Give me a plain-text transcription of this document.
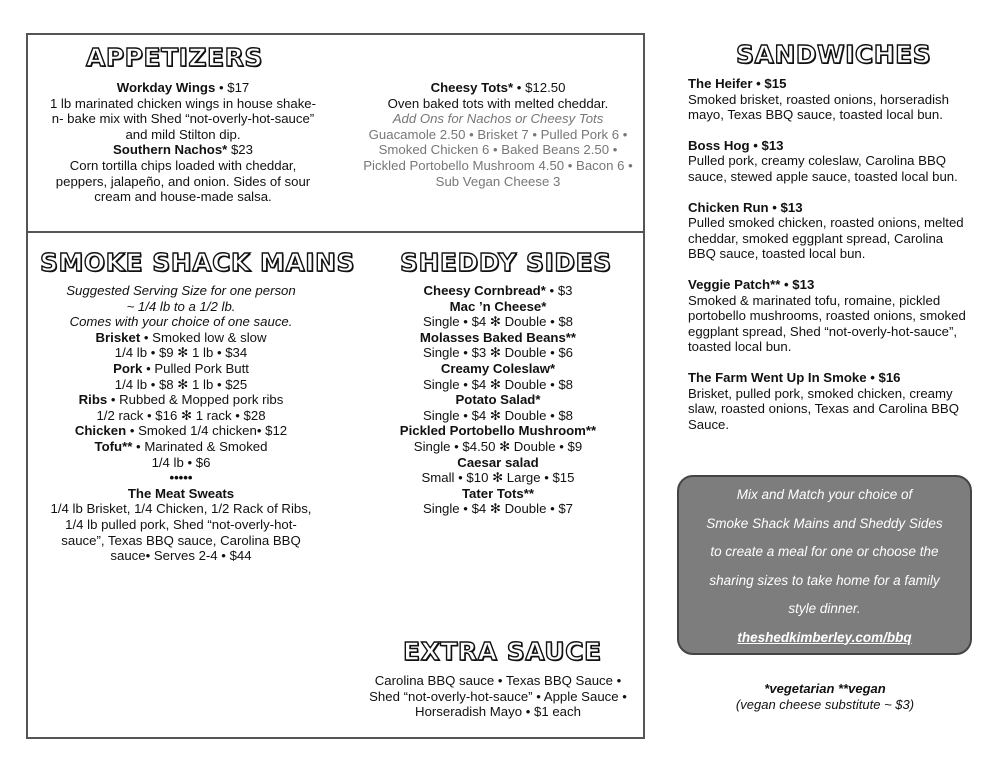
APPETIZERS

Workday Wings • $17

1 lb marinated chicken wings in house shake-n- bake mix with Shed “not-overly-hot-sauce” and mild Stilton dip.

Southern Nachos* $23

Corn tortilla chips loaded with cheddar, peppers, jalapeño, and onion. Sides of sour cream and house-made salsa.

Cheesy Tots* • $12.50

Oven baked tots with melted cheddar.

Add Ons for Nachos or Cheesy Tots

Guacamole 2.50 • Brisket 7 • Pulled Pork 6 •

Smoked Chicken 6 • Baked Beans 2.50 •

Pickled Portobello Mushroom 4.50 • Bacon 6 •

Sub Vegan Cheese 3

SMOKE SHACK MAINS

Suggested Serving Size for one person

~ 1/4 lb to a 1/2 lb.

Comes with your choice of one sauce.

Brisket • Smoked low & slow

1/4 lb • $9 ✻ 1 lb • $34

Pork • Pulled Pork Butt

1/4 lb • $8 ✻ 1 lb • $25

Ribs • Rubbed & Mopped pork ribs

1/2 rack • $16 ✻ 1 rack • $28

Chicken • Smoked 1/4 chicken• $12

Tofu** • Marinated & Smoked

1/4 lb • $6

•••••

The Meat Sweats

1/4 lb Brisket, 1/4 Chicken, 1/2 Rack of Ribs,

1/4 lb pulled pork, Shed “not-overly-hot-

sauce”, Texas BBQ sauce, Carolina BBQ

sauce• Serves 2-4 • $44

SHEDDY SIDES

Cheesy Cornbread* • $3

Mac ’n Cheese*

Single • $4 ✻ Double • $8

Molasses Baked Beans**

Single • $3 ✻ Double • $6

Creamy Coleslaw*

Single • $4 ✻ Double • $8

Potato Salad*

Single • $4 ✻ Double • $8

Pickled Portobello Mushroom**

Single • $4.50 ✻ Double • $9

Caesar salad

Small • $10 ✻ Large • $15

Tater Tots**

Single • $4 ✻ Double • $7

EXTRA SAUCE

Carolina BBQ sauce • Texas BBQ Sauce •

Shed “not-overly-hot-sauce” • Apple Sauce •

Horseradish Mayo • $1 each

SANDWICHES

The Heifer • $15

Smoked brisket, roasted onions, horseradish mayo, Texas BBQ sauce, toasted local bun.

Boss Hog • $13

Pulled pork, creamy coleslaw, Carolina BBQ sauce, stewed apple sauce, toasted local bun.

Chicken Run • $13

Pulled smoked chicken, roasted onions, melted cheddar, smoked eggplant spread, Carolina BBQ sauce, toasted local bun.

Veggie Patch** • $13

Smoked & marinated tofu, romaine, pickled portobello mushrooms, roasted onions, smoked eggplant spread, Shed “not-overly-hot-sauce”, toasted local bun.

The Farm Went Up In Smoke • $16

Brisket, pulled pork, smoked chicken, creamy slaw, roasted onions, Texas and Carolina BBQ Sauce.

Mix and Match your choice of

Smoke Shack Mains and Sheddy Sides

to create a meal for one or choose the

sharing sizes to take home for a family

style dinner.

theshedkimberley.com/bbq

*vegetarian **vegan

(vegan cheese substitute ~ $3)
